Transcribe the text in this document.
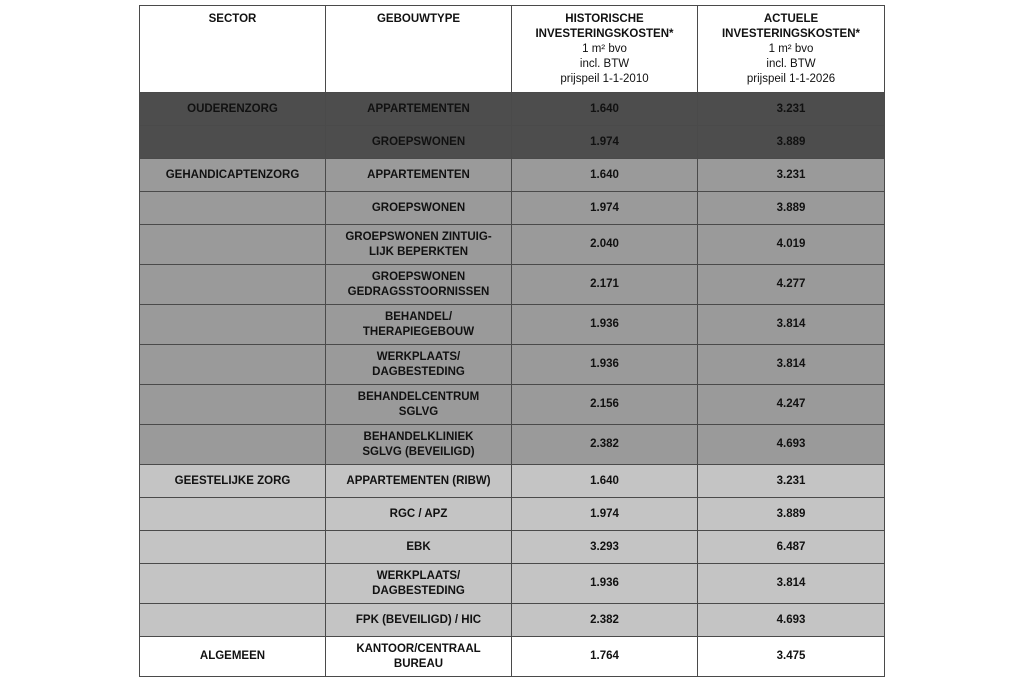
SECTOR	GEBOUWTYPE	HISTORISCHE
INVESTERINGSKOSTEN*
1 m² bvo
incl. BTW
prijspeil 1-1-2010	ACTUELE
INVESTERINGSKOSTEN*
1 m² bvo
incl. BTW
prijspeil 1-1-2026

OUDERENZORG	APPARTEMENTEN	1.640	3.231

	GROEPSWONEN	1.974	3.889
GEHANDICAPTENZORG	APPARTEMENTEN	1.640	3.231

	GROEPSWONEN	1.974	3.889

	GROEPSWONEN ZINTUIG-
LIJK BEPERKTEN	2.040	4.019

	GROEPSWONEN
GEDRAGSSTOORNISSEN	2.171	4.277

	BEHANDEL/
THERAPIEGEBOUW	1.936	3.814

	WERKPLAATS/
DAGBESTEDING	1.936	3.814

	BEHANDELCENTRUM
SGLVG	2.156	4.247

	BEHANDELKLINIEK
SGLVG (BEVEILIGD)	2.382	4.693
GEESTELIJKE ZORG	APPARTEMENTEN (RIBW)	1.640	3.231

	RGC / APZ	1.974	3.889

	EBK	3.293	6.487

	WERKPLAATS/
DAGBESTEDING	1.936	3.814

	FPK (BEVEILIGD) / HIC	2.382	4.693
ALGEMEEN	KANTOOR/CENTRAAL
BUREAU	1.764	3.475
